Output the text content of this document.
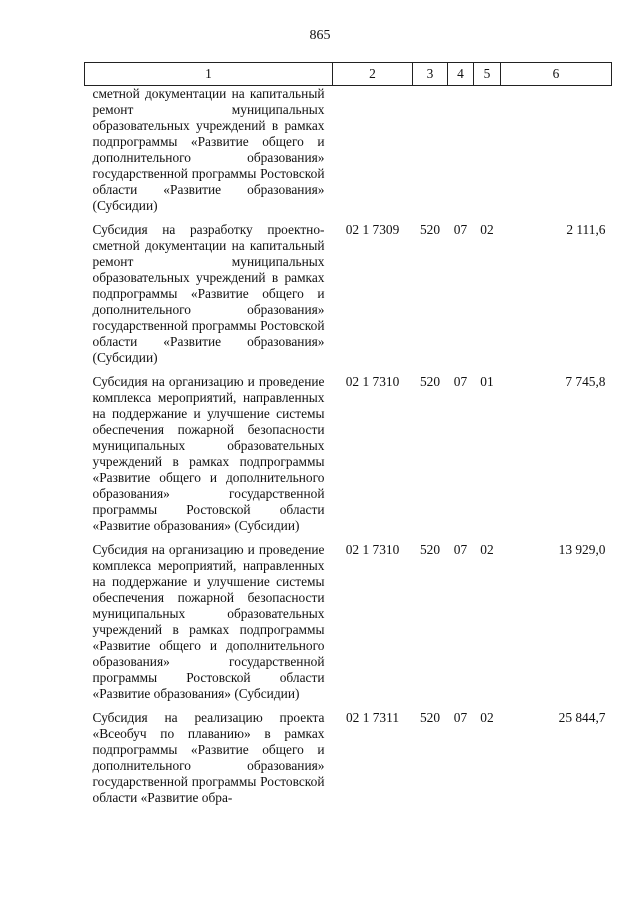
865
1	2	3	4	5	6
сметной документации на капитальный ремонт муниципальных образовательных учреждений в рамках подпрограммы «Развитие общего и дополнительного образования» государственной программы Ростовской области «Развитие образования» (Субсидии)					
Субсидия на разработку проектно-сметной документации на капитальный ремонт муниципальных образовательных учреждений в рамках подпрограммы «Развитие общего и дополнительного образования» государственной программы Ростовской области «Развитие образования» (Субсидии)	02 1 7309	520	07	02	2 111,6
Субсидия на организацию и проведение комплекса мероприятий, направленных на поддержание и улучшение системы обеспечения пожарной безопасности муниципальных образовательных учреждений в рамках подпрограммы «Развитие общего и дополнительного образования» государственной программы Ростовской области «Развитие образования» (Субсидии)	02 1 7310	520	07	01	7 745,8
Субсидия на организацию и проведение комплекса мероприятий, направленных на поддержание и улучшение системы обеспечения пожарной безопасности муниципальных образовательных учреждений в рамках подпрограммы «Развитие общего и дополнительного образования» государственной программы Ростовской области «Развитие образования» (Субсидии)	02 1 7310	520	07	02	13 929,0
Субсидия на реализацию проекта «Всеобуч по плаванию» в рамках подпрограммы «Развитие общего и дополнительного образования» государственной программы Ростовской области «Развитие обра-	02 1 7311	520	07	02	25 844,7
